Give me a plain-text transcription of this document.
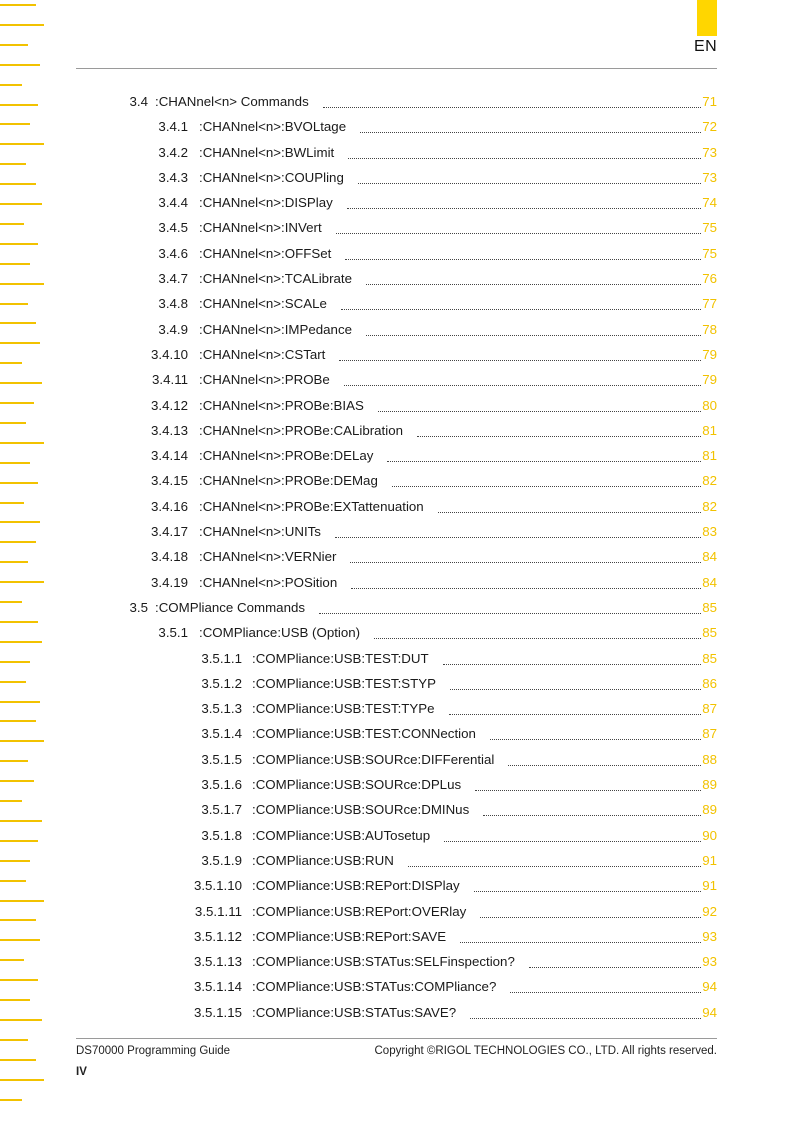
EN
3.4 :CHANnel<n> Commands	71
3.4.1 :CHANnel<n>:BVOLtage	72
3.4.2 :CHANnel<n>:BWLimit	73
3.4.3 :CHANnel<n>:COUPling	73
3.4.4 :CHANnel<n>:DISPlay	74
3.4.5 :CHANnel<n>:INVert	75
3.4.6 :CHANnel<n>:OFFSet	75
3.4.7 :CHANnel<n>:TCALibrate	76
3.4.8 :CHANnel<n>:SCALe	77
3.4.9 :CHANnel<n>:IMPedance	78
3.4.10 :CHANnel<n>:CSTart	79
3.4.11 :CHANnel<n>:PROBe	79
3.4.12 :CHANnel<n>:PROBe:BIAS	80
3.4.13 :CHANnel<n>:PROBe:CALibration	81
3.4.14 :CHANnel<n>:PROBe:DELay	81
3.4.15 :CHANnel<n>:PROBe:DEMag	82
3.4.16 :CHANnel<n>:PROBe:EXTattenuation	82
3.4.17 :CHANnel<n>:UNITs	83
3.4.18 :CHANnel<n>:VERNier	84
3.4.19 :CHANnel<n>:POSition	84
3.5 :COMPliance Commands	85
3.5.1 :COMPliance:USB (Option)	85
3.5.1.1 :COMPliance:USB:TEST:DUT	85
3.5.1.2 :COMPliance:USB:TEST:STYP	86
3.5.1.3 :COMPliance:USB:TEST:TYPe	87
3.5.1.4 :COMPliance:USB:TEST:CONNection	87
3.5.1.5 :COMPliance:USB:SOURce:DIFFerential	88
3.5.1.6 :COMPliance:USB:SOURce:DPLus	89
3.5.1.7 :COMPliance:USB:SOURce:DMINus	89
3.5.1.8 :COMPliance:USB:AUTosetup	90
3.5.1.9 :COMPliance:USB:RUN	91
3.5.1.10 :COMPliance:USB:REPort:DISPlay	91
3.5.1.11 :COMPliance:USB:REPort:OVERlay	92
3.5.1.12 :COMPliance:USB:REPort:SAVE	93
3.5.1.13 :COMPliance:USB:STATus:SELFinspection?	93
3.5.1.14 :COMPliance:USB:STATus:COMPliance?	94
3.5.1.15 :COMPliance:USB:STATus:SAVE?	94
DS70000 Programming Guide	Copyright ©RIGOL TECHNOLOGIES CO., LTD. All rights reserved.
IV
